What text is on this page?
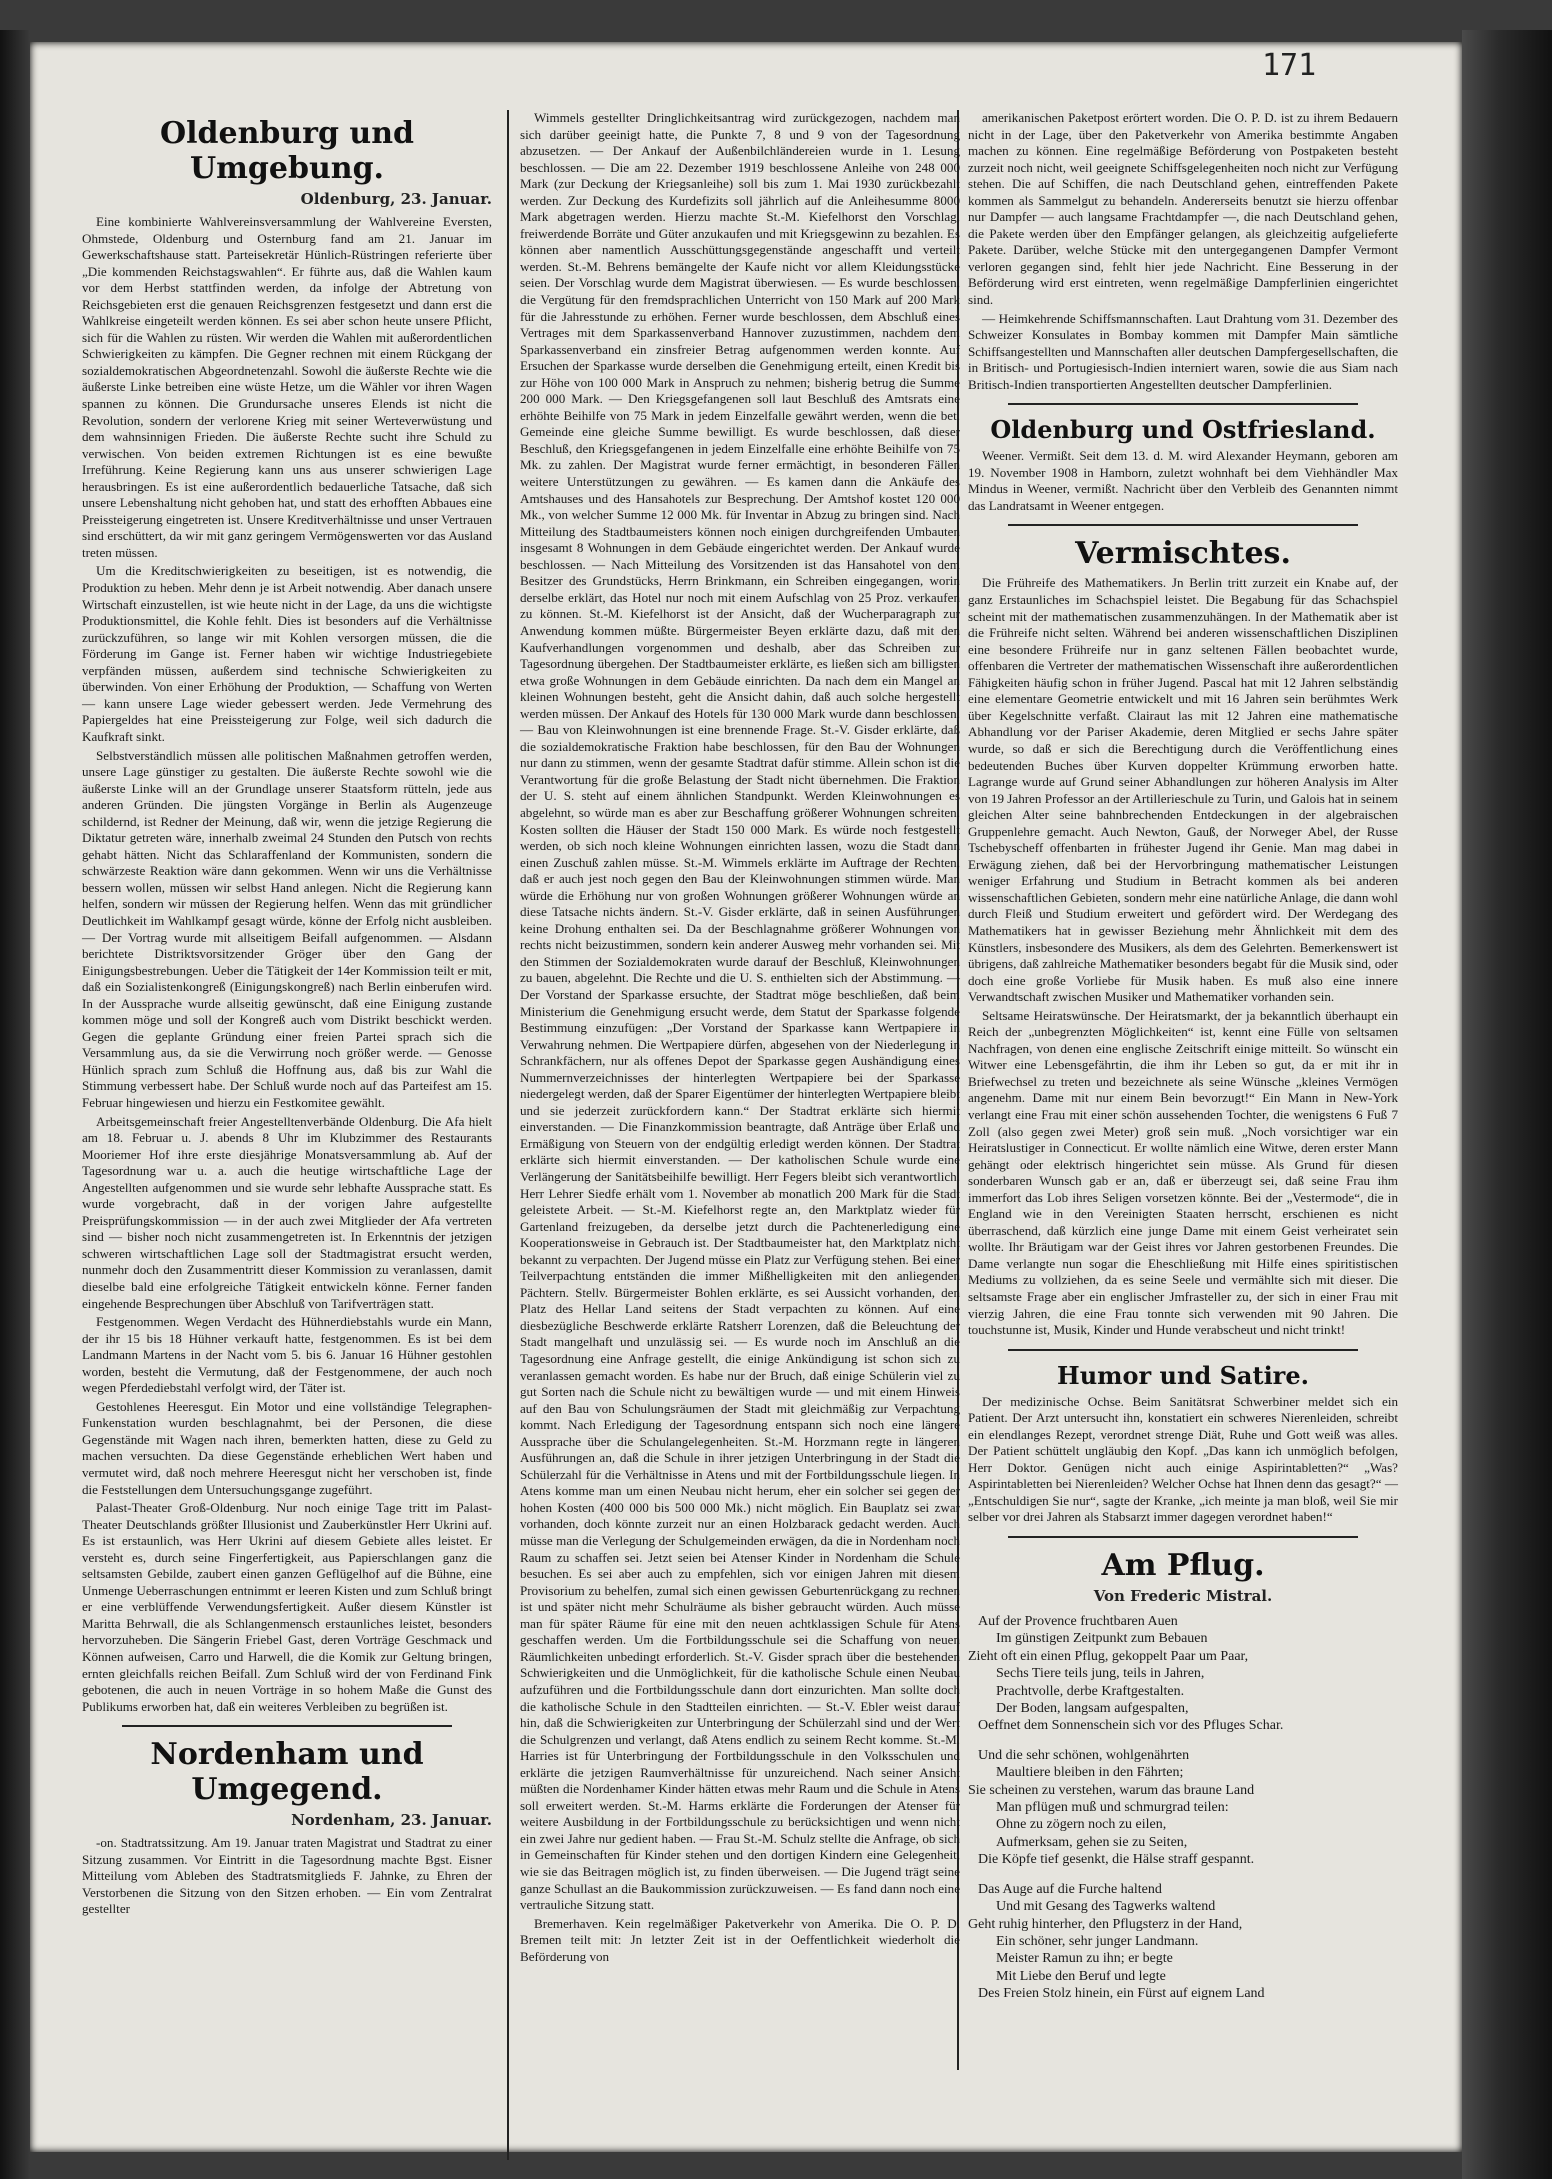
171
Oldenburg und Umgebung.
Oldenburg, 23. Januar.

Eine kombinierte Wahlvereinsversammlung der Wahlvereine Eversten, Ohmstede, Oldenburg und Osternburg fand am 21. Januar im Gewerkschaftshause statt. Parteisekretär Hünlich-Rüstringen referierte über „Die kommenden Reichstagswahlen“. Er führte aus, daß die Wahlen kaum vor dem Herbst stattfinden werden, da infolge der Abtretung von Reichsgebieten erst die genauen Reichsgrenzen festgesetzt und dann erst die Wahlkreise eingeteilt werden können. Es sei aber schon heute unsere Pflicht, sich für die Wahlen zu rüsten. Wir werden die Wahlen mit außerordentlichen Schwierigkeiten zu kämpfen. Die Gegner rechnen mit einem Rückgang der sozialdemokratischen Abgeordnetenzahl. Sowohl die äußerste Rechte wie die äußerste Linke betreiben eine wüste Hetze, um die Wähler vor ihren Wagen spannen zu können. Die Grundursache unseres Elends ist nicht die Revolution, sondern der verlorene Krieg mit seiner Werteverwüstung und dem wahnsinnigen Frieden. Die äußerste Rechte sucht ihre Schuld zu verwischen. Von beiden extremen Richtungen ist es eine bewußte Irreführung. Keine Regierung kann uns aus unserer schwierigen Lage herausbringen. Es ist eine außerordentlich bedauerliche Tatsache, daß sich unsere Lebenshaltung nicht gehoben hat, und statt des erhofften Abbaues eine Preissteigerung eingetreten ist. Unsere Kreditverhältnisse und unser Vertrauen sind erschüttert, da wir mit ganz geringem Vermögenswerten vor das Ausland treten müssen.

Um die Kreditschwierigkeiten zu beseitigen, ist es notwendig, die Produktion zu heben. Mehr denn je ist Arbeit notwendig. Aber danach unsere Wirtschaft einzustellen, ist wie heute nicht in der Lage, da uns die wichtigste Produktionsmittel, die Kohle fehlt. Dies ist besonders auf die Verhältnisse zurückzuführen, so lange wir mit Kohlen versorgen müssen, die die Förderung im Gange ist. Ferner haben wir wichtige Industriegebiete verpfänden müssen, außerdem sind technische Schwierigkeiten zu überwinden. Von einer Erhöhung der Produktion, — Schaffung von Werten — kann unsere Lage wieder gebessert werden. Jede Vermehrung des Papiergeldes hat eine Preissteigerung zur Folge, weil sich dadurch die Kaufkraft sinkt.

Selbstverständlich müssen alle politischen Maßnahmen getroffen werden, unsere Lage günstiger zu gestalten. Die äußerste Rechte sowohl wie die äußerste Linke will an der Grundlage unserer Staatsform rütteln, jede aus anderen Gründen. Die jüngsten Vorgänge in Berlin als Augenzeuge schildernd, ist Redner der Meinung, daß wir, wenn die jetzige Regierung die Diktatur getreten wäre, innerhalb zweimal 24 Stunden den Putsch von rechts gehabt hätten. Nicht das Schlaraffenland der Kommunisten, sondern die schwärzeste Reaktion wäre dann gekommen. Wenn wir uns die Verhältnisse bessern wollen, müssen wir selbst Hand anlegen. Nicht die Regierung kann helfen, sondern wir müssen der Regierung helfen. Wenn das mit gründlicher Deutlichkeit im Wahlkampf gesagt würde, könne der Erfolg nicht ausbleiben. — Der Vortrag wurde mit allseitigem Beifall aufgenommen. — Alsdann berichtete Distriktsvorsitzender Gröger über den Gang der Einigungsbestrebungen. Ueber die Tätigkeit der 14er Kommission teilt er mit, daß ein Sozialistenkongreß (Einigungskongreß) nach Berlin einberufen wird. In der Aussprache wurde allseitig gewünscht, daß eine Einigung zustande kommen möge und soll der Kongreß auch vom Distrikt beschickt werden. Gegen die geplante Gründung einer freien Partei sprach sich die Versammlung aus, da sie die Verwirrung noch größer werde. — Genosse Hünlich sprach zum Schluß die Hoffnung aus, daß bis zur Wahl die Stimmung verbessert habe. Der Schluß wurde noch auf das Parteifest am 15. Februar hingewiesen und hierzu ein Festkomitee gewählt.

Arbeitsgemeinschaft freier Angestelltenverbände Oldenburg. Die Afa hielt am 18. Februar u. J. abends 8 Uhr im Klubzimmer des Restaurants Mooriemer Hof ihre erste diesjährige Monatsversammlung ab. Auf der Tagesordnung war u. a. auch die heutige wirtschaftliche Lage der Angestellten aufgenommen und sie wurde sehr lebhafte Aussprache statt. Es wurde vorgebracht, daß in der vorigen Jahre aufgestellte Preisprüfungskommission — in der auch zwei Mitglieder der Afa vertreten sind — bisher noch nicht zusammengetreten ist. In Erkenntnis der jetzigen schweren wirtschaftlichen Lage soll der Stadtmagistrat ersucht werden, nunmehr doch den Zusammentritt dieser Kommission zu veranlassen, damit dieselbe bald eine erfolgreiche Tätigkeit entwickeln könne. Ferner fanden eingehende Besprechungen über Abschluß von Tarifverträgen statt.

Festgenommen. Wegen Verdacht des Hühnerdiebstahls wurde ein Mann, der ihr 15 bis 18 Hühner verkauft hatte, festgenommen. Es ist bei dem Landmann Martens in der Nacht vom 5. bis 6. Januar 16 Hühner gestohlen worden, besteht die Vermutung, daß der Festgenommene, der auch noch wegen Pferdediebstahl verfolgt wird, der Täter ist.

Gestohlenes Heeresgut. Ein Motor und eine vollständige Telegraphen-Funkenstation wurden beschlagnahmt, bei der Personen, die diese Gegenstände mit Wagen nach ihren, bemerkten hatten, diese zu Geld zu machen versuchten. Da diese Gegenstände erheblichen Wert haben und vermutet wird, daß noch mehrere Heeresgut nicht her verschoben ist, finde die Feststellungen dem Untersuchungsgange zugeführt.

Palast-Theater Groß-Oldenburg. Nur noch einige Tage tritt im Palast-Theater Deutschlands größter Illusionist und Zauberkünstler Herr Ukrini auf. Es ist erstaunlich, was Herr Ukrini auf diesem Gebiete alles leistet. Er versteht es, durch seine Fingerfertigkeit, aus Papierschlangen ganz die seltsamsten Gebilde, zaubert einen ganzen Geflügelhof auf die Bühne, eine Unmenge Ueberraschungen entnimmt er leeren Kisten und zum Schluß bringt er eine verblüffende Verwendungsfertigkeit. Außer diesem Künstler ist Maritta Behrwall, die als Schlangenmensch erstaunliches leistet, besonders hervorzuheben. Die Sängerin Friebel Gast, deren Vorträge Geschmack und Können aufweisen, Carro und Harwell, die die Komik zur Geltung bringen, ernten gleichfalls reichen Beifall. Zum Schluß wird der von Ferdinand Fink gebotenen, die auch in neuen Vorträge in so hohem Maße die Gunst des Publikums erworben hat, daß ein weiteres Verbleiben zu begrüßen ist.

Nordenham und Umgegend.
Nordenham, 23. Januar.

-on. Stadtratssitzung. Am 19. Januar traten Magistrat und Stadtrat zu einer Sitzung zusammen. Vor Eintritt in die Tagesordnung machte Bgst. Eisner Mitteilung vom Ableben des Stadtratsmitglieds F. Jahnke, zu Ehren der Verstorbenen die Sitzung von den Sitzen erhoben. — Ein vom Zentralrat gestellter

Wimmels gestellter Dringlichkeitsantrag wird zurückgezogen, nachdem man sich darüber geeinigt hatte, die Punkte 7, 8 und 9 von der Tagesordnung abzusetzen. — Der Ankauf der Außenbilchländereien wurde in 1. Lesung beschlossen. — Die am 22. Dezember 1919 beschlossene Anleihe von 248 000 Mark (zur Deckung der Kriegsanleihe) soll bis zum 1. Mai 1930 zurückbezahlt werden. Zur Deckung des Kurdefizits soll jährlich auf die Anleihesumme 8000 Mark abgetragen werden. Hierzu machte St.-M. Kiefelhorst den Vorschlag, freiwerdende Borräte und Güter anzukaufen und mit Kriegsgewinn zu bezahlen. Es können aber namentlich Ausschüttungsgegenstände angeschafft und verteilt werden. St.-M. Behrens bemängelte der Kaufe nicht vor allem Kleidungsstücke seien. Der Vorschlag wurde dem Magistrat überwiesen. — Es wurde beschlossen, die Vergütung für den fremdsprachlichen Unterricht von 150 Mark auf 200 Mark für die Jahresstunde zu erhöhen. Ferner wurde beschlossen, dem Abschluß eines Vertrages mit dem Sparkassenverband Hannover zuzustimmen, nachdem dem Sparkassenverband ein zinsfreier Betrag aufgenommen werden konnte. Auf Ersuchen der Sparkasse wurde derselben die Genehmigung erteilt, einen Kredit bis zur Höhe von 100 000 Mark in Anspruch zu nehmen; bisherig betrug die Summe 200 000 Mark. — Den Kriegsgefangenen soll laut Beschluß des Amtsrats eine erhöhte Beihilfe von 75 Mark in jedem Einzelfalle gewährt werden, wenn die bet. Gemeinde eine gleiche Summe bewilligt. Es wurde beschlossen, daß dieser Beschluß, den Kriegsgefangenen in jedem Einzelfalle eine erhöhte Beihilfe von 75 Mk. zu zahlen. Der Magistrat wurde ferner ermächtigt, in besonderen Fällen weitere Unterstützungen zu gewähren. — Es kamen dann die Ankäufe des Amtshauses und des Hansahotels zur Besprechung. Der Amtshof kostet 120 000 Mk., von welcher Summe 12 000 Mk. für Inventar in Abzug zu bringen sind. Nach Mitteilung des Stadtbaumeisters können noch einigen durchgreifenden Umbauten insgesamt 8 Wohnungen in dem Gebäude eingerichtet werden. Der Ankauf wurde beschlossen. — Nach Mitteilung des Vorsitzenden ist das Hansahotel von dem Besitzer des Grundstücks, Herrn Brinkmann, ein Schreiben eingegangen, worin derselbe erklärt, das Hotel nur noch mit einem Aufschlag von 25 Proz. verkaufen zu können. St.-M. Kiefelhorst ist der Ansicht, daß der Wucherparagraph zur Anwendung kommen müßte. Bürgermeister Beyen erklärte dazu, daß mit den Kaufverhandlungen vorgenommen und deshalb, aber das Schreiben zur Tagesordnung übergehen. Der Stadtbaumeister erklärte, es ließen sich am billigsten etwa große Wohnungen in dem Gebäude einrichten. Da nach dem ein Mangel an kleinen Wohnungen besteht, geht die Ansicht dahin, daß auch solche hergestellt werden müssen. Der Ankauf des Hotels für 130 000 Mark wurde dann beschlossen. — Bau von Kleinwohnungen ist eine brennende Frage. St.-V. Gisder erklärte, daß die sozialdemokratische Fraktion habe beschlossen, für den Bau der Wohnungen nur dann zu stimmen, wenn der gesamte Stadtrat dafür stimme. Allein schon ist die Verantwortung für die große Belastung der Stadt nicht übernehmen. Die Fraktion der U. S. steht auf einem ähnlichen Standpunkt. Werden Kleinwohnungen es abgelehnt, so würde man es aber zur Beschaffung größerer Wohnungen schreiten. Kosten sollten die Häuser der Stadt 150 000 Mark. Es würde noch festgestellt werden, ob sich noch kleine Wohnungen einrichten lassen, wozu die Stadt dann einen Zuschuß zahlen müsse. St.-M. Wimmels erklärte im Auftrage der Rechten, daß er auch jest noch gegen den Bau der Kleinwohnungen stimmen würde. Man würde die Erhöhung nur von großen Wohnungen größerer Wohnungen würde an diese Tatsache nichts ändern. St.-V. Gisder erklärte, daß in seinen Ausführungen keine Drohung enthalten sei. Da der Beschlagnahme größerer Wohnungen von rechts nicht beizustimmen, sondern kein anderer Ausweg mehr vorhanden sei. Mit den Stimmen der Sozialdemokraten wurde darauf der Beschluß, Kleinwohnungen zu bauen, abgelehnt. Die Rechte und die U. S. enthielten sich der Abstimmung. — Der Vorstand der Sparkasse ersuchte, der Stadtrat möge beschließen, daß beim Ministerium die Genehmigung ersucht werde, dem Statut der Sparkasse folgende Bestimmung einzufügen: „Der Vorstand der Sparkasse kann Wertpapiere in Verwahrung nehmen. Die Wertpapiere dürfen, abgesehen von der Niederlegung in Schrankfächern, nur als offenes Depot der Sparkasse gegen Aushändigung eines Nummernverzeichnisses der hinterlegten Wertpapiere bei der Sparkasse niedergelegt werden, daß der Sparer Eigentümer der hinterlegten Wertpapiere bleibt und sie jederzeit zurückfordern kann.“ Der Stadtrat erklärte sich hiermit einverstanden. — Die Finanzkommission beantragte, daß Anträge über Erlaß und Ermäßigung von Steuern von der endgültig erledigt werden können. Der Stadtrat erklärte sich hiermit einverstanden. — Der katholischen Schule wurde eine Verlängerung der Sanitätsbeihilfe bewilligt. Herr Fegers bleibt sich verantwortlich. Herr Lehrer Siedfe erhält vom 1. November ab monatlich 200 Mark für die Stadt geleistete Arbeit. — St.-M. Kiefelhorst regte an, den Marktplatz wieder für Gartenland freizugeben, da derselbe jetzt durch die Pachtenerledigung eine Kooperationsweise in Gebrauch ist. Der Stadtbaumeister hat, den Marktplatz nicht bekannt zu verpachten. Der Jugend müsse ein Platz zur Verfügung stehen. Bei einer Teilverpachtung entständen die immer Mißhelligkeiten mit den anliegenden Pächtern. Stellv. Bürgermeister Bohlen erklärte, es sei Aussicht vorhanden, den Platz des Hellar Land seitens der Stadt verpachten zu können. Auf eine diesbezügliche Beschwerde erklärte Ratsherr Lorenzen, daß die Beleuchtung der Stadt mangelhaft und unzulässig sei. — Es wurde noch im Anschluß an die Tagesordnung eine Anfrage gestellt, die einige Ankündigung ist schon sich zu veranlassen gemacht worden. Es habe nur der Bruch, daß einige Schülerin viel zu gut Sorten nach die Schule nicht zu bewältigen wurde — und mit einem Hinweis auf den Bau von Schulungsräumen der Stadt mit gleichmäßig zur Verpachtung kommt. Nach Erledigung der Tagesordnung entspann sich noch eine längere Aussprache über die Schulangelegenheiten. St.-M. Horzmann regte in längeren Ausführungen an, daß die Schule in ihrer jetzigen Unterbringung in der Stadt die Schülerzahl für die Verhältnisse in Atens und mit der Fortbildungsschule liegen. In Atens komme man um einen Neubau nicht herum, eher ein solcher sei gegen der hohen Kosten (400 000 bis 500 000 Mk.) nicht möglich. Ein Bauplatz sei zwar vorhanden, doch könnte zurzeit nur an einen Holzbarack gedacht werden. Auch müsse man die Verlegung der Schulgemeinden erwägen, da die in Nordenham noch Raum zu schaffen sei. Jetzt seien bei Atenser Kinder in Nordenham die Schule besuchen. Es sei aber auch zu empfehlen, sich vor einigen Jahren mit diesem Provisorium zu behelfen, zumal sich einen gewissen Geburtenrückgang zu rechnen ist und später nicht mehr Schulräume als bisher gebraucht würden. Auch müsse man für später Räume für eine mit den neuen achtklassigen Schule für Atens geschaffen werden. Um die Fortbildungsschule sei die Schaffung von neuen Räumlichkeiten unbedingt erforderlich. St.-V. Gisder sprach über die bestehenden Schwierigkeiten und die Unmöglichkeit, für die katholische Schule einen Neubau aufzuführen und die Fortbildungsschule dann dort einzurichten. Man sollte doch die katholische Schule in den Stadtteilen einrichten. — St.-V. Ebler weist darauf hin, daß die Schwierigkeiten zur Unterbringung der Schülerzahl sind und der Wert die Schulgrenzen und verlangt, daß Atens endlich zu seinem Recht komme. St.-M. Harries ist für Unterbringung der Fortbildungsschule in den Volksschulen und erklärte die jetzigen Raumverhältnisse für unzureichend. Nach seiner Ansicht müßten die Nordenhamer Kinder hätten etwas mehr Raum und die Schule in Atens soll erweitert werden. St.-M. Harms erklärte die Forderungen der Atenser für weitere Ausbildung in der Fortbildungsschule zu berücksichtigen und wenn nicht ein zwei Jahre nur gedient haben. — Frau St.-M. Schulz stellte die Anfrage, ob sich in Gemeinschaften für Kinder stehen und den dortigen Kindern eine Gelegenheit, wie sie das Beitragen möglich ist, zu finden überweisen. — Die Jugend trägt seine ganze Schullast an die Baukommission zurückzuweisen. — Es fand dann noch eine vertrauliche Sitzung statt.

Bremerhaven. Kein regelmäßiger Paketverkehr von Amerika. Die O. P. D. Bremen teilt mit: Jn letzter Zeit ist in der Oeffentlichkeit wiederholt die Beförderung von

amerikanischen Paketpost erörtert worden. Die O. P. D. ist zu ihrem Bedauern nicht in der Lage, über den Paketverkehr von Amerika bestimmte Angaben machen zu können. Eine regelmäßige Beförderung von Postpaketen besteht zurzeit noch nicht, weil geeignete Schiffsgelegenheiten noch nicht zur Verfügung stehen. Die auf Schiffen, die nach Deutschland gehen, eintreffenden Pakete kommen als Sammelgut zu behandeln. Andererseits benutzt sie hierzu offenbar nur Dampfer — auch langsame Frachtdampfer —, die nach Deutschland gehen, die Pakete werden über den Empfänger gelangen, als gleichzeitig aufgelieferte Pakete. Darüber, welche Stücke mit den untergegangenen Dampfer Vermont verloren gegangen sind, fehlt hier jede Nachricht. Eine Besserung in der Beförderung wird erst eintreten, wenn regelmäßige Dampferlinien eingerichtet sind.

— Heimkehrende Schiffsmannschaften. Laut Drahtung vom 31. Dezember des Schweizer Konsulates in Bombay kommen mit Dampfer Main sämtliche Schiffsangestellten und Mannschaften aller deutschen Dampfergesellschaften, die in Britisch- und Portugiesisch-Indien interniert waren, sowie die aus Siam nach Britisch-Indien transportierten Angestellten deutscher Dampferlinien.

Oldenburg und Ostfriesland.

Weener. Vermißt. Seit dem 13. d. M. wird Alexander Heymann, geboren am 19. November 1908 in Hamborn, zuletzt wohnhaft bei dem Viehhändler Max Mindus in Weener, vermißt. Nachricht über den Verbleib des Genannten nimmt das Landratsamt in Weener entgegen.

Vermischtes.

Die Frühreife des Mathematikers. Jn Berlin tritt zurzeit ein Knabe auf, der ganz Erstaunliches im Schachspiel leistet. Die Begabung für das Schachspiel scheint mit der mathematischen zusammenzuhängen. In der Mathematik aber ist die Frühreife nicht selten. Während bei anderen wissenschaftlichen Disziplinen eine besondere Frühreife nur in ganz seltenen Fällen beobachtet wurde, offenbaren die Vertreter der mathematischen Wissenschaft ihre außerordentlichen Fähigkeiten häufig schon in früher Jugend. Pascal hat mit 12 Jahren selbständig eine elementare Geometrie entwickelt und mit 16 Jahren sein berühmtes Werk über Kegelschnitte verfaßt. Clairaut las mit 12 Jahren eine mathematische Abhandlung vor der Pariser Akademie, deren Mitglied er sechs Jahre später wurde, so daß er sich die Berechtigung durch die Veröffentlichung eines bedeutenden Buches über Kurven doppelter Krümmung erworben hatte. Lagrange wurde auf Grund seiner Abhandlungen zur höheren Analysis im Alter von 19 Jahren Professor an der Artillerieschule zu Turin, und Galois hat in seinem gleichen Alter seine bahnbrechenden Entdeckungen in der algebraischen Gruppenlehre gemacht. Auch Newton, Gauß, der Norweger Abel, der Russe Tschebyscheff offenbarten in frühester Jugend ihr Genie. Man mag dabei in Erwägung ziehen, daß bei der Hervorbringung mathematischer Leistungen weniger Erfahrung und Studium in Betracht kommen als bei anderen wissenschaftlichen Gebieten, sondern mehr eine natürliche Anlage, die dann wohl durch Fleiß und Studium erweitert und gefördert wird. Der Werdegang des Mathematikers hat in gewisser Beziehung mehr Ähnlichkeit mit dem des Künstlers, insbesondere des Musikers, als dem des Gelehrten. Bemerkenswert ist übrigens, daß zahlreiche Mathematiker besonders begabt für die Musik sind, oder doch eine große Vorliebe für Musik haben. Es muß also eine innere Verwandtschaft zwischen Musiker und Mathematiker vorhanden sein.

Seltsame Heiratswünsche. Der Heiratsmarkt, der ja bekanntlich überhaupt ein Reich der „unbegrenzten Möglichkeiten“ ist, kennt eine Fülle von seltsamen Nachfragen, von denen eine englische Zeitschrift einige mitteilt. So wünscht ein Witwer eine Lebensgefährtin, die ihm ihr Leben so gut, da er mit ihr in Briefwechsel zu treten und bezeichnete als seine Wünsche „kleines Vermögen angenehm. Dame mit nur einem Bein bevorzugt!“ Ein Mann in New-York verlangt eine Frau mit einer schön aussehenden Tochter, die wenigstens 6 Fuß 7 Zoll (also gegen zwei Meter) groß sein muß. „Noch vorsichtiger war ein Heiratslustiger in Connecticut. Er wollte nämlich eine Witwe, deren erster Mann gehängt oder elektrisch hingerichtet sein müsse. Als Grund für diesen sonderbaren Wunsch gab er an, daß er überzeugt sei, daß seine Frau ihm immerfort das Lob ihres Seligen vorsetzen könnte. Bei der „Vestermode“, die in England wie in den Vereinigten Staaten herrscht, erschienen es nicht überraschend, daß kürzlich eine junge Dame mit einem Geist verheiratet sein wollte. Ihr Bräutigam war der Geist ihres vor Jahren gestorbenen Freundes. Die Dame verlangte nun sogar die Eheschließung mit Hilfe eines spiritistischen Mediums zu vollziehen, da es seine Seele und vermählte sich mit dieser. Die seltsamste Frage aber ein englischer Jmfrasteller zu, der sich in einer Frau mit vierzig Jahren, die eine Frau tonnte sich verwenden mit 90 Jahren. Die touchstunne ist, Musik, Kinder und Hunde verabscheut und nicht trinkt!

Humor und Satire.

Der medizinische Ochse. Beim Sanitätsrat Schwerbiner meldet sich ein Patient. Der Arzt untersucht ihn, konstatiert ein schweres Nierenleiden, schreibt ein elendlanges Rezept, verordnet strenge Diät, Ruhe und Gott weiß was alles. Der Patient schüttelt ungläubig den Kopf. „Das kann ich unmöglich befolgen, Herr Doktor. Genügen nicht auch einige Aspirintabletten?“ „Was? Aspirintabletten bei Nierenleiden? Welcher Ochse hat Ihnen denn das gesagt?“ — „Entschuldigen Sie nur“, sagte der Kranke, „ich meinte ja man bloß, weil Sie mir selber vor drei Jahren als Stabsarzt immer dagegen verordnet haben!“

Am Pflug.
Von Frederic Mistral.

Auf der Provence fruchtbaren Auen

Im günstigen Zeitpunkt zum Bebauen

Zieht oft ein einen Pflug, gekoppelt Paar um Paar,

Sechs Tiere teils jung, teils in Jahren,

Prachtvolle, derbe Kraftgestalten.

Der Boden, langsam aufgespalten,

Oeffnet dem Sonnenschein sich vor des Pfluges Schar.

Und die sehr schönen, wohlgenährten

Maultiere bleiben in den Fährten;

Sie scheinen zu verstehen, warum das braune Land

Man pflügen muß und schmurgrad teilen:

Ohne zu zögern noch zu eilen,

Aufmerksam, gehen sie zu Seiten,

Die Köpfe tief gesenkt, die Hälse straff gespannt.

Das Auge auf die Furche haltend

Und mit Gesang des Tagwerks waltend

Geht ruhig hinterher, den Pflugsterz in der Hand,

Ein schöner, sehr junger Landmann.

Meister Ramun zu ihn; er begte

Mit Liebe den Beruf und legte

Des Freien Stolz hinein, ein Fürst auf eignem Land
